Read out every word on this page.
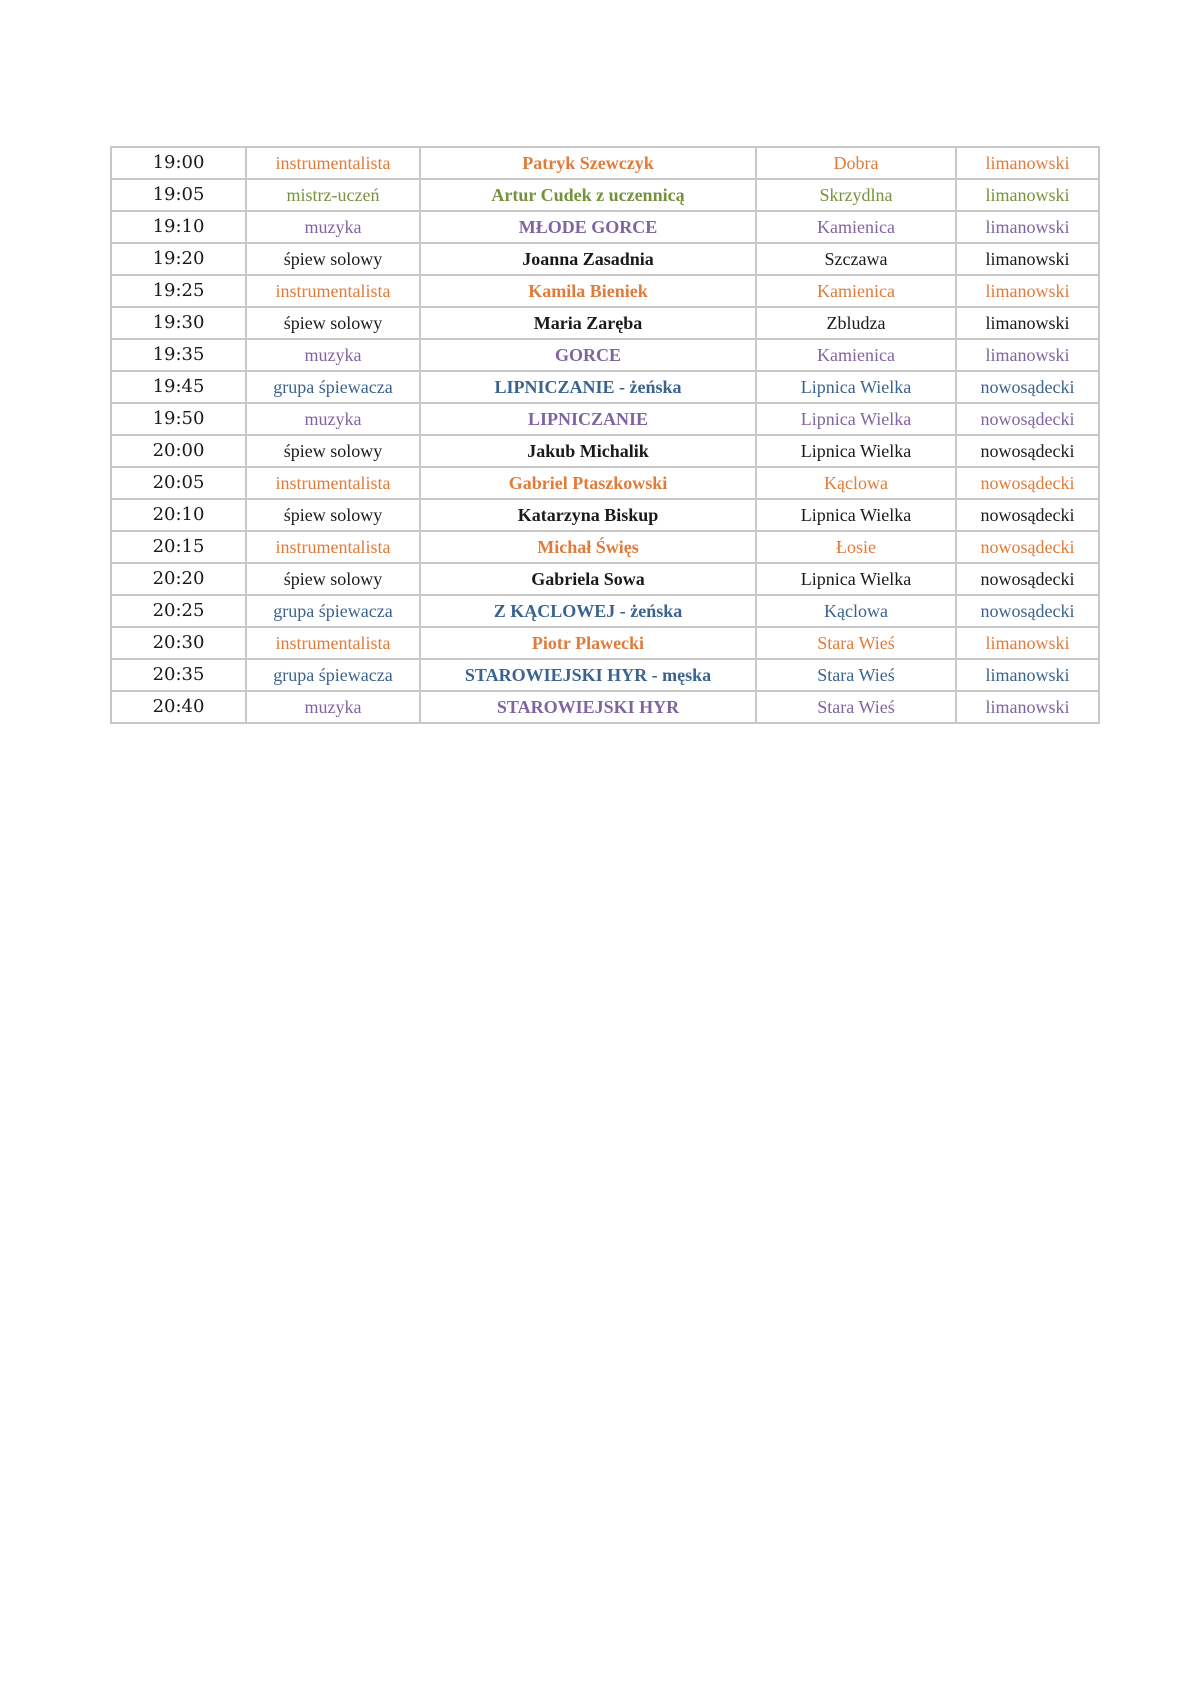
19:00	instrumentalista	Patryk Szewczyk	Dobra	limanowski
19:05	mistrz-uczeń	Artur Cudek z uczennicą	Skrzydlna	limanowski
19:10	muzyka	MŁODE GORCE	Kamienica	limanowski
19:20	śpiew solowy	Joanna Zasadnia	Szczawa	limanowski
19:25	instrumentalista	Kamila Bieniek	Kamienica	limanowski
19:30	śpiew solowy	Maria Zaręba	Zbludza	limanowski
19:35	muzyka	GORCE	Kamienica	limanowski
19:45	grupa śpiewacza	LIPNICZANIE - żeńska	Lipnica Wielka	nowosądecki
19:50	muzyka	LIPNICZANIE	Lipnica Wielka	nowosądecki
20:00	śpiew solowy	Jakub Michalik	Lipnica Wielka	nowosądecki
20:05	instrumentalista	Gabriel Ptaszkowski	Kąclowa	nowosądecki
20:10	śpiew solowy	Katarzyna Biskup	Lipnica Wielka	nowosądecki
20:15	instrumentalista	Michał Święs	Łosie	nowosądecki
20:20	śpiew solowy	Gabriela Sowa	Lipnica Wielka	nowosądecki
20:25	grupa śpiewacza	Z KĄCLOWEJ - żeńska	Kąclowa	nowosądecki
20:30	instrumentalista	Piotr Plawecki	Stara Wieś	limanowski
20:35	grupa śpiewacza	STAROWIEJSKI HYR - męska	Stara Wieś	limanowski
20:40	muzyka	STAROWIEJSKI HYR	Stara Wieś	limanowski
